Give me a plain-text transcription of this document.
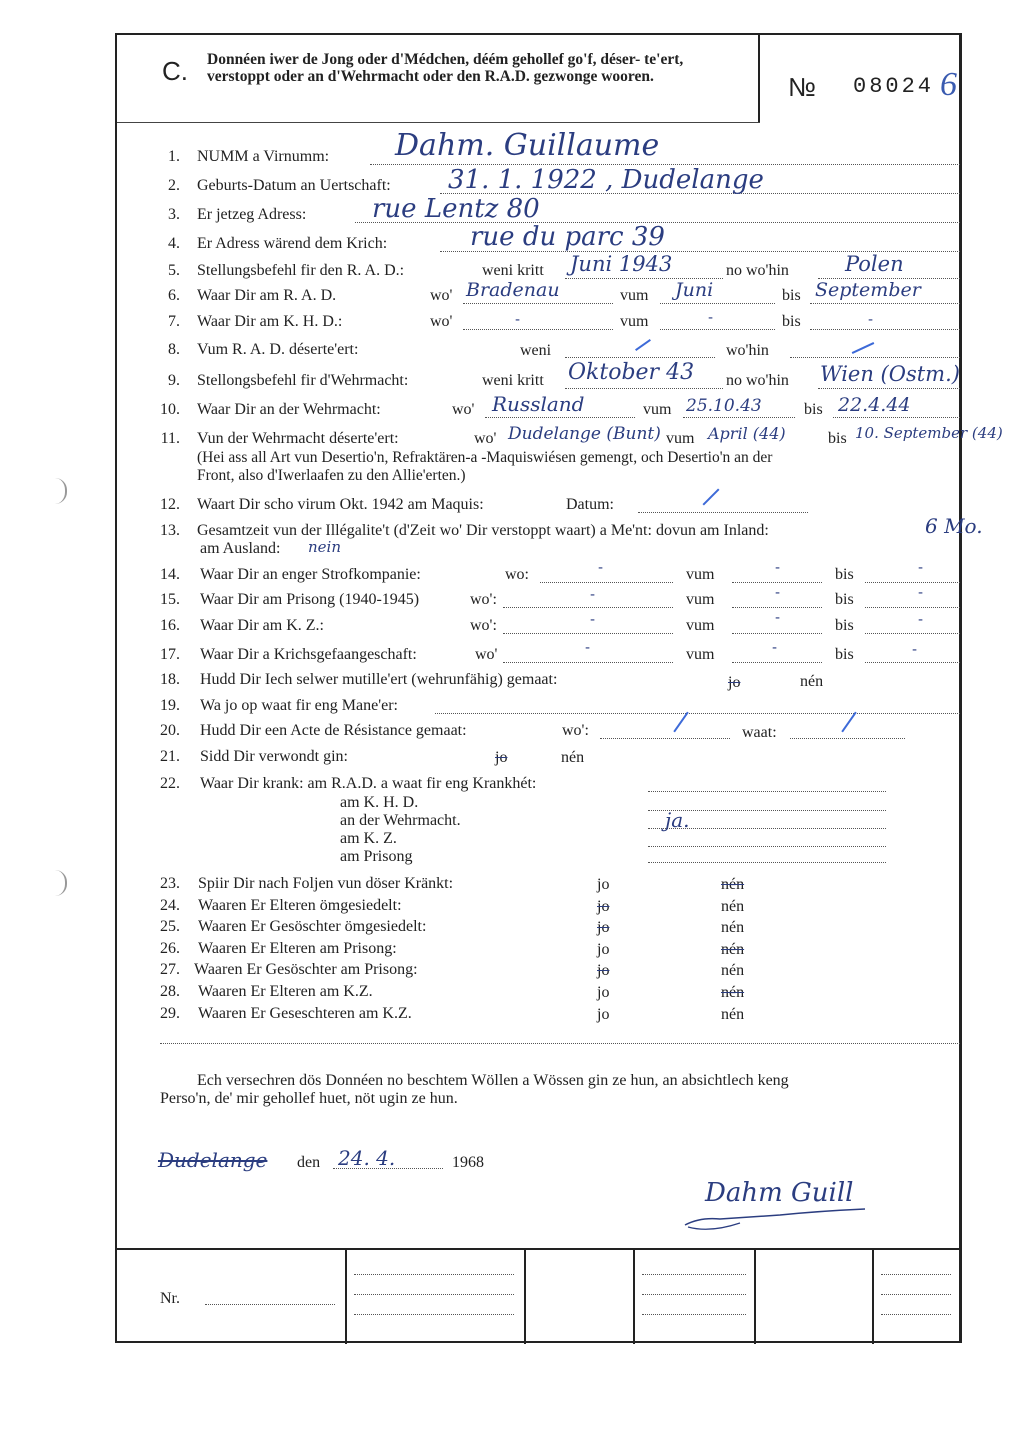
C. Donnéen iwer de Jong oder d'Médchen, déém gehollef go'f, déser- te'ert, verstoppt oder an d'Wehrmacht oder den R.A.D. gezwonge wooren.	№ 08024 6
1. NUMM a Virnumm: Dahm. Guillaume
2. Geburts-Datum an Uertschaft: 31. 1. 1922 , Dudelange
3. Er jetzeg Adress:	rue Lentz 80
4. Er Adress wärend dem Krich:	rue du parc 39
5. Stellungsbefehl fir den R. A. D.:	weni kritt Juni 1943	no wo'hin	Polen
6. Waar Dir am R. A. D.	wo' Bradenau	vum Juni	bis September
7. Waar Dir am K. H. D.:	wo'	-	vum	-	bis	-
8. Vum R. A. D. déserte'ert:	weni	wo'hin
9. Stellongsbefehl fir d'Wehrmacht:	weni kritt Oktober 43 no wo'hin Wien (Ostm.)
10. Waar Dir an der Wehrmacht:	wo' Russland	vum 25.10.43	bis 22.4.44
11. Vun der Wehrmacht déserte'ert:	wo' Dudelange (Bunt) vum April (44)	bis 10. September (44)
(Hei ass all Art vun Desertio'n, Refraktären-a -Maquiswiésen gemengt, och Desertio'n an der
Front, also d'Iwerlaafen zu den Allie'erten.)
12. Waart Dir scho virum Okt. 1942 am Maquis:	Datum:
13. Gesamtzeit vun der Illégalite't (d'Zeit wo' Dir verstoppt waart) a Me'nt: dovun am Inland:	6 Mo.
am Ausland: nein
14. Waar Dir an enger Strofkompanie:	wo:	-	vum	-	bis	-
15. Waar Dir am Prisong (1940-1945)	wo':	-	vum	-	bis	-
16. Waar Dir am K. Z.:	wo':	-	vum	-	bis	-
17. Waar Dir a Krichsgefaangeschaft:	wo'	-	vum	-	bis	-
18. Hudd Dir Iech selwer mutille'ert (wehrunfähig) gemaat:	jo	nén
19. Wa jo op waat fir eng Mane'er:
20. Hudd Dir een Acte de Résistance gemaat:	wo':	waat:
21. Sidd Dir verwondt gin:	jo	nén
22. Waar Dir krank: am R.A.D. a waat fir eng Krankhét:
am K. H. D.
an der Wehrmacht.	ja.
am K. Z.
am Prisong
23. Spiir Dir nach Foljen vun döser Kränkt:	jo	nén
24. Waaren Er Elteren ömgesiedelt:	jo	nén
25. Waaren Er Gesöschter ömgesiedelt:	jo	nén
26. Waaren Er Elteren am Prisong:	jo	nén
27. Waaren Er Gesöschter am Prisong:	jo	nén
28. Waaren Er Elteren am K.Z.	jo	nén
29. Waaren Er Geseschteren am K.Z.	jo	nén
Ech versechren dös Donnéen no beschtem Wöllen a Wössen gin ze hun, an absichtlech keng
Perso'n, de' mir gehollef huet, nöt ugin ze hun.
Dudelange den 24. 4.	1968
Dahm Guill
Nr.
